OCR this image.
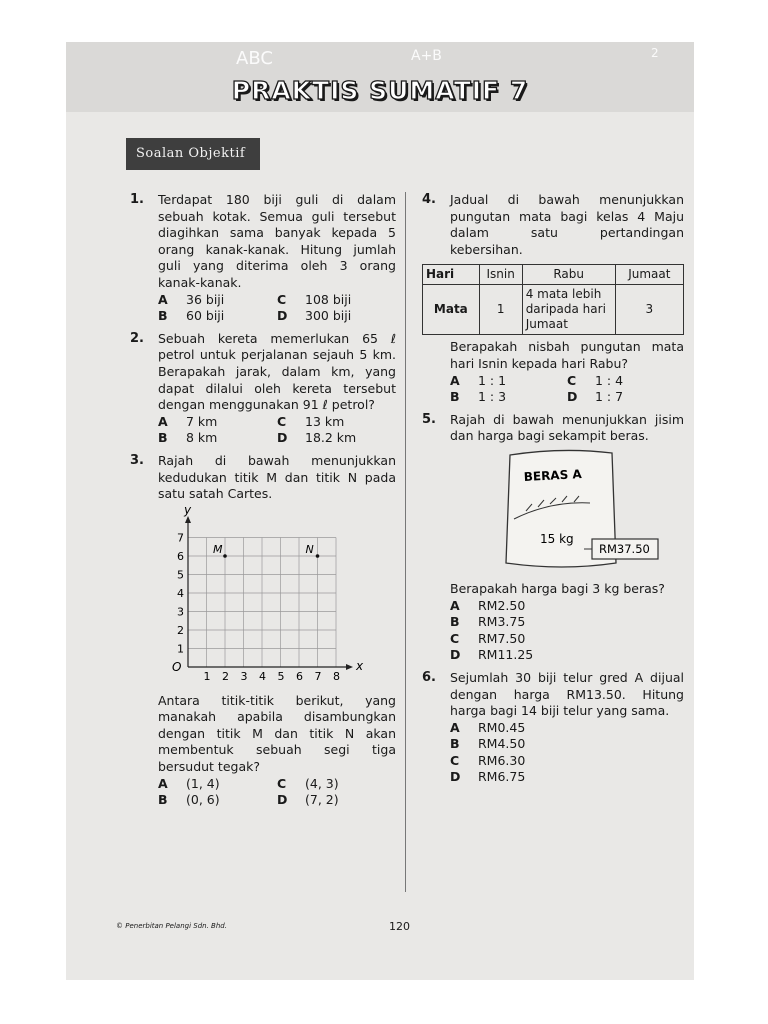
ABC	A+B	2
PRAKTIS SUMATIF 7
Soalan Objektif
1. Terdapat 180 biji guli di dalam sebuah kotak. Semua guli tersebut diagihkan sama banyak kepada 5 orang kanak-kanak. Hitung jumlah guli yang diterima oleh 3 orang kanak-kanak.
A	36 biji	C	108 biji
B	60 biji	D	300 biji
2. Sebuah kereta memerlukan 65 ℓ petrol untuk perjalanan sejauh 5 km. Berapakah jarak, dalam km, yang dapat dilalui oleh kereta tersebut dengan menggunakan 91 ℓ petrol?
A	7 km	C	13 km
B	8 km	D	18.2 km
3. Rajah di bawah menunjukkan kedudukan titik M dan titik N pada satu satah Cartes.
x
y
O
1 2 3 4 5 6 7 8
1
2
3
4
5
6
7
M	N
Antara titik-titik berikut, yang manakah apabila disambungkan dengan titik M dan titik N akan membentuk sebuah segi tiga bersudut tegak?
A	(1, 4)	C	(4, 3)
B	(0, 6)	D	(7, 2)
4. Jadual di bawah menunjukkan pungutan mata bagi kelas 4 Maju dalam satu pertandingan kebersihan.
Hari	Isnin	Rabu	Jumaat
Mata	1	4 mata lebih daripada hari Jumaat	3
Berapakah nisbah pungutan mata hari Isnin kepada hari Rabu?
A	1 : 1	C	1 : 4
B	1 : 3	D	1 : 7
5. Rajah di bawah menunjukkan jisim dan harga bagi sekampit beras.
BERAS A
15 kg
RM37.50
Berapakah harga bagi 3 kg beras?
A	RM2.50
B	RM3.75
C	RM7.50
D	RM11.25
6. Sejumlah 30 biji telur gred A dijual dengan harga RM13.50. Hitung harga bagi 14 biji telur yang sama.
A	RM0.45
B	RM4.50
C	RM6.30
D	RM6.75
© Penerbitan Pelangi Sdn. Bhd.	120
